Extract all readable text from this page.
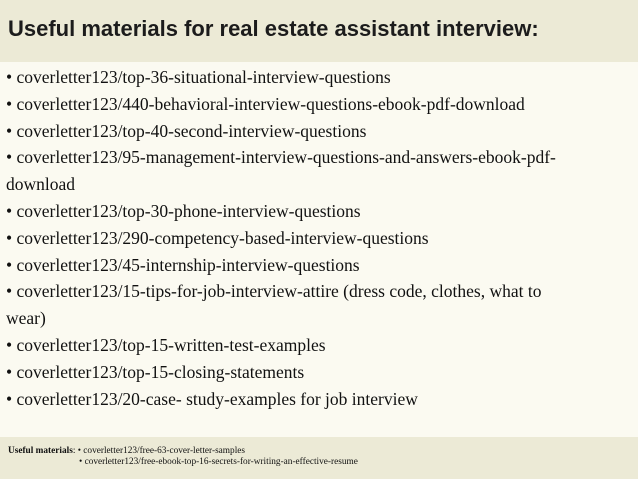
Useful materials for real estate assistant interview:
• coverletter123/top-36-situational-interview-questions
• coverletter123/440-behavioral-interview-questions-ebook-pdf-download
• coverletter123/top-40-second-interview-questions
• coverletter123/95-management-interview-questions-and-answers-ebook-pdf-
download
• coverletter123/top-30-phone-interview-questions
• coverletter123/290-competency-based-interview-questions
• coverletter123/45-internship-interview-questions
• coverletter123/15-tips-for-job-interview-attire (dress code, clothes, what to
wear)
• coverletter123/top-15-written-test-examples
• coverletter123/top-15-closing-statements
• coverletter123/20-case- study-examples for job interview
Useful materials: • coverletter123/free-63-cover-letter-samples
• coverletter123/free-ebook-top-16-secrets-for-writing-an-effective-resume
